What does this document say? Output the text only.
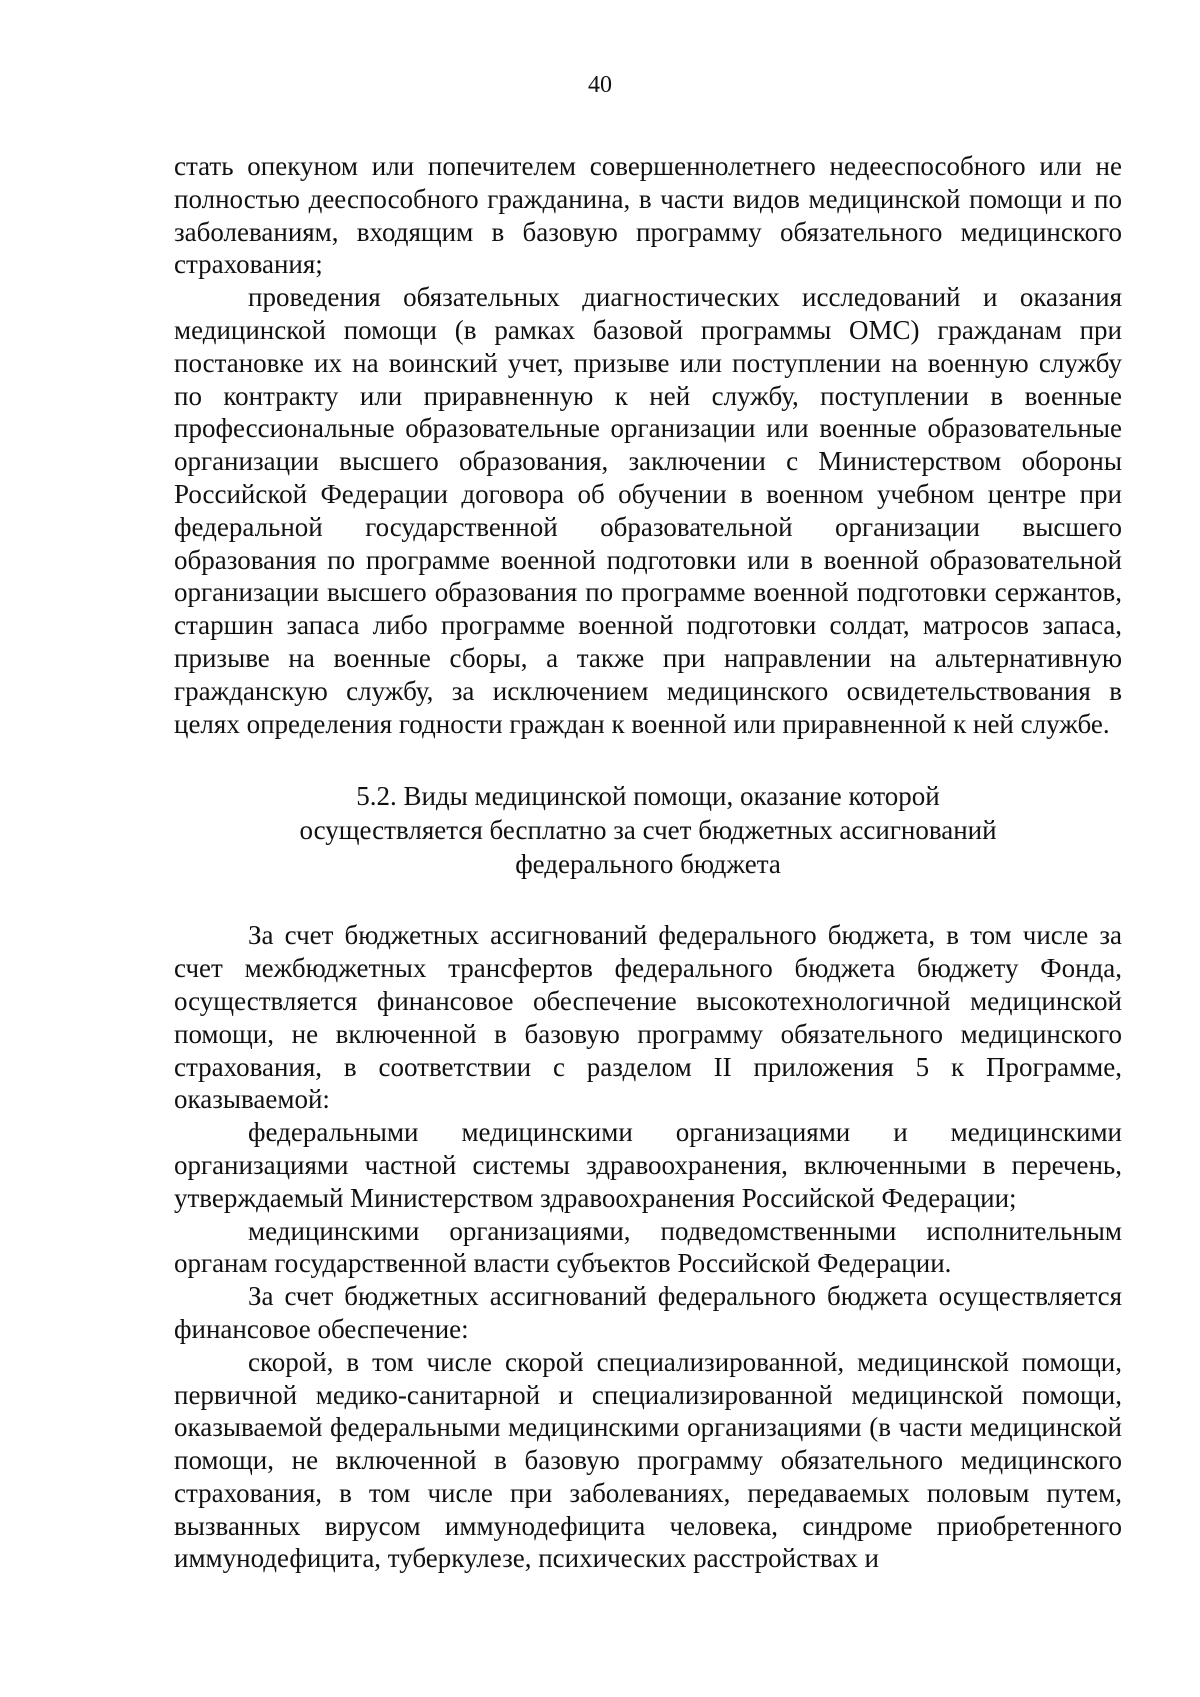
40

стать опекуном или попечителем совершеннолетнего недееспособного или не полностью дееспособного гражданина, в части видов медицинской помощи и по заболеваниям, входящим в базовую программу обязательного медицинского страхования;

проведения обязательных диагностических исследований и оказания медицинской помощи (в рамках базовой программы ОМС) гражданам при постановке их на воинский учет, призыве или поступлении на военную службу по контракту или приравненную к ней службу, поступлении в военные профессиональные образовательные организации или военные образовательные организации высшего образования, заключении с Министерством обороны Российской Федерации договора об обучении в военном учебном центре при федеральной государственной образовательной организации высшего образования по программе военной подготовки или в военной образовательной организации высшего образования по программе военной подготовки сержантов, старшин запаса либо программе военной подготовки солдат, матросов запаса, призыве на военные сборы, а также при направлении на альтернативную гражданскую службу, за исключением медицинского освидетельствования в целях определения годности граждан к военной или приравненной к ней службе.

5.2. Виды медицинской помощи, оказание которой
осуществляется бесплатно за счет бюджетных ассигнований
федерального бюджета

За счет бюджетных ассигнований федерального бюджета, в том числе за счет межбюджетных трансфертов федерального бюджета бюджету Фонда, осуществляется финансовое обеспечение высокотехнологичной медицинской помощи, не включенной в базовую программу обязательного медицинского страхования, в соответствии с разделом II приложения 5 к Программе, оказываемой:

федеральными медицинскими организациями и медицинскими организациями частной системы здравоохранения, включенными в перечень, утверждаемый Министерством здравоохранения Российской Федерации;

медицинскими организациями, подведомственными исполнительным органам государственной власти субъектов Российской Федерации.

За счет бюджетных ассигнований федерального бюджета осуществляется финансовое обеспечение:

скорой, в том числе скорой специализированной, медицинской помощи, первичной медико-санитарной и специализированной медицинской помощи, оказываемой федеральными медицинскими организациями (в части медицинской помощи, не включенной в базовую программу обязательного медицинского страхования, в том числе при заболеваниях, передаваемых половым путем, вызванных вирусом иммунодефицита человека, синдроме приобретенного иммунодефицита, туберкулезе, психических расстройствах и
